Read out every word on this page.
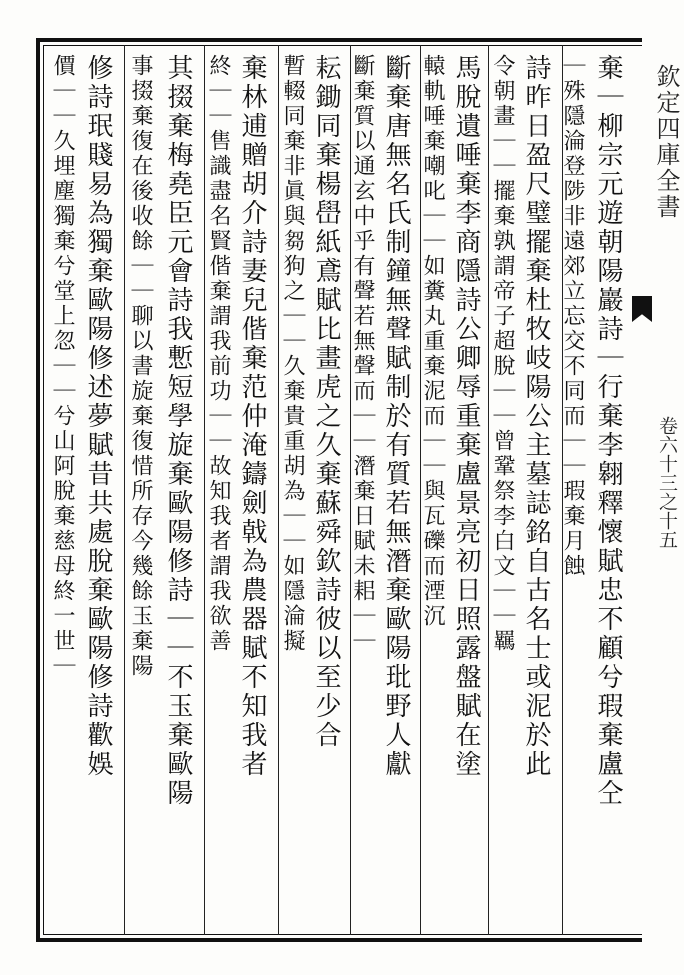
欽定四庫全書
卷六十三之十五
棄｜柳宗元遊朝陽巖詩｜行棄李翱釋懷賦忠不顧兮瑕棄盧仝
｜殊隱淪登陟非遠郊立忘交不同而｜｜瑕棄月蝕
詩昨日盈尺璧擺棄杜牧岐陽公主墓誌銘自古名士或泥於此
令朝畫｜｜擺棄孰謂帝子超脫｜｜曾鞏祭李白文｜｜羈
馬脫遺唾棄李商隱詩公卿辱重棄盧景亮初日照露盤賦在塗
轅軌唾棄嘲叱｜｜如糞丸重棄泥而｜｜與瓦礫而湮沉
斷棄唐無名氏制鐘無聲賦制於有質若無潛棄歐陽玭野人獻
斷棄質以通玄中乎有聲若無聲而｜｜潛棄日賦未耜｜｜
耘鋤同棄楊嶨紙鳶賦比畫虎之久棄蘇舜欽詩彼以至少合
暫輟同棄非眞與芻狗之｜｜久棄貴重胡為｜｜如隱淪擬
棄林逋贈胡介詩妻兒偕棄范仲淹鑄劍戟為農器賦不知我者
終｜｜售識盡名賢偕棄謂我前功｜｜故知我者謂我欲善
其掇棄梅堯臣元會詩我慙短學旋棄歐陽修詩｜｜不玉棄歐陽
事掇棄復在後收餘｜｜聊以書旋棄復惜所存今幾餘玉棄陽
修詩珉賤易為獨棄歐陽修述夢賦昔共處脫棄歐陽修詩歡娛
價｜｜久埋塵獨棄兮堂上忽｜｜兮山阿脫棄慈母終一世｜
